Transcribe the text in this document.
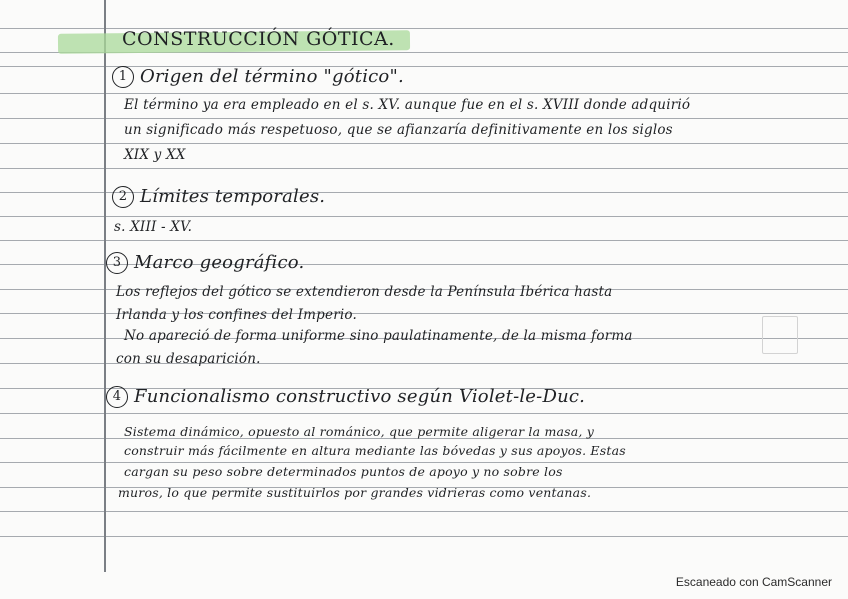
CONSTRUCCIÓN GÓTICA.
1 Origen del término "gótico".
El término ya era empleado en el s. XV. aunque fue en el s. XVIII donde adquirió
un significado más respetuoso, que se afianzaría definitivamente en los siglos
XIX y XX
2 Límites temporales.
s. XIII - XV.
3 Marco geográfico.
Los reflejos del gótico se extendieron desde la Península Ibérica hasta
Irlanda y los confines del Imperio.
No apareció de forma uniforme sino paulatinamente, de la misma forma
con su desaparición.
4 Funcionalismo constructivo según Violet-le-Duc.
Sistema dinámico, opuesto al románico, que permite aligerar la masa, y
construir más fácilmente en altura mediante las bóvedas y sus apoyos. Estas
cargan su peso sobre determinados puntos de apoyo y no sobre los
muros, lo que permite sustituirlos por grandes vidrieras como ventanas.
Escaneado con CamScanner
